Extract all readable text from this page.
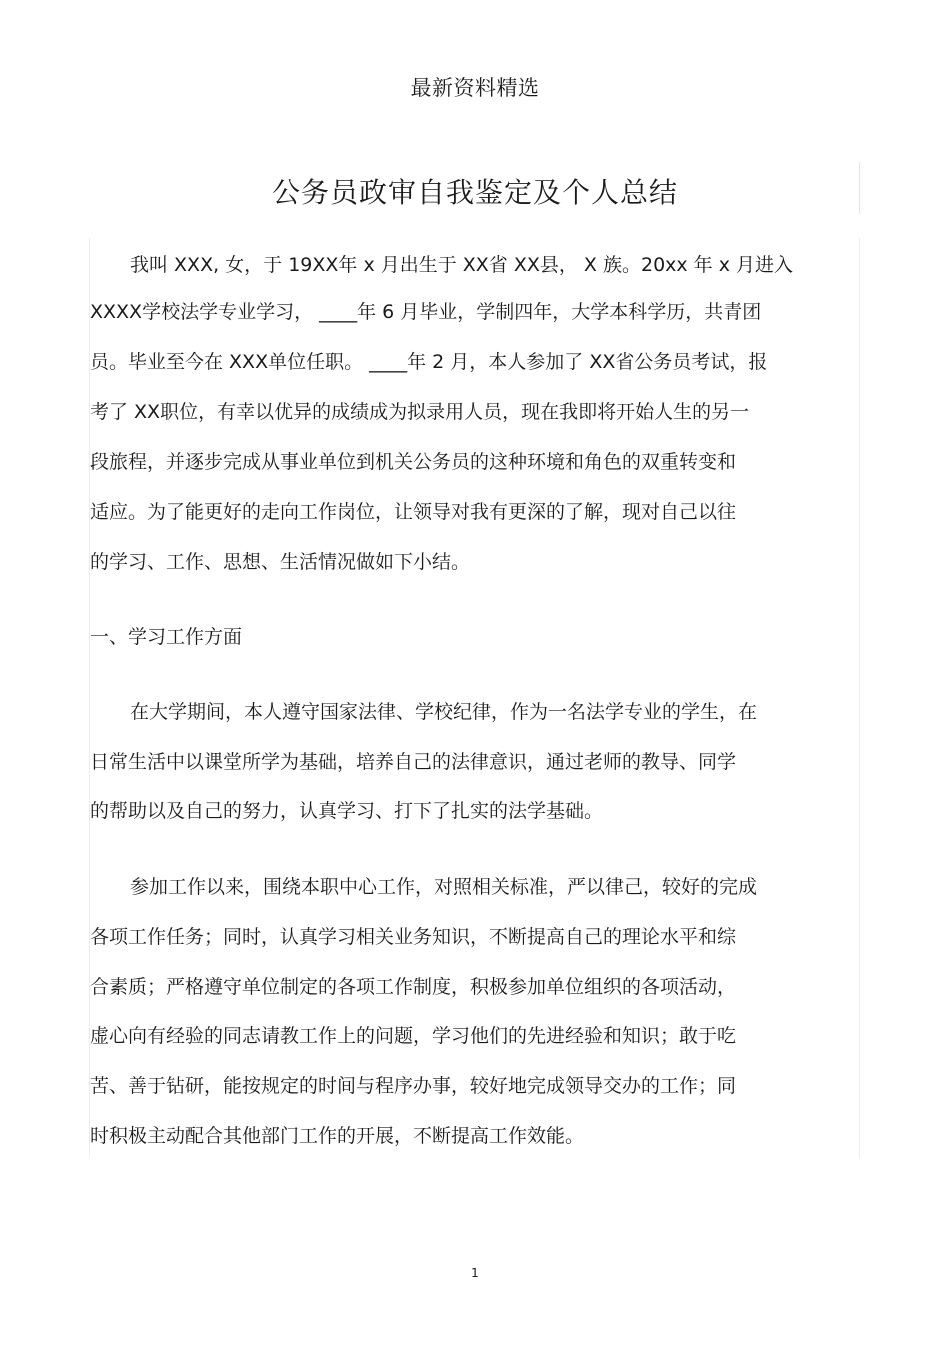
最新资料精选
公务员政审自我鉴定及个人总结
我叫 XXX, 女，于 19XX年 x 月出生于 XX省 XX县， X 族。20xx 年 x 月进入
XXXX学校法学专业学习， ____年 6 月毕业，学制四年，大学本科学历，共青团
员。毕业至今在 XXX单位任职。 ____年 2 月，本人参加了 XX省公务员考试，报
考了 XX职位，有幸以优异的成绩成为拟录用人员，现在我即将开始人生的另一
段旅程，并逐步完成从事业单位到机关公务员的这种环境和角色的双重转变和
适应。为了能更好的走向工作岗位，让领导对我有更深的了解，现对自己以往
的学习、工作、思想、生活情况做如下小结。
一、学习工作方面
在大学期间，本人遵守国家法律、学校纪律，作为一名法学专业的学生，在
日常生活中以课堂所学为基础，培养自己的法律意识，通过老师的教导、同学
的帮助以及自己的努力，认真学习、打下了扎实的法学基础。
参加工作以来，围绕本职中心工作，对照相关标准，严以律己，较好的完成
各项工作任务；同时，认真学习相关业务知识，不断提高自己的理论水平和综
合素质；严格遵守单位制定的各项工作制度，积极参加单位组织的各项活动，
虚心向有经验的同志请教工作上的问题，学习他们的先进经验和知识；敢于吃
苦、善于钻研，能按规定的时间与程序办事，较好地完成领导交办的工作；同
时积极主动配合其他部门工作的开展，不断提高工作效能。
1
